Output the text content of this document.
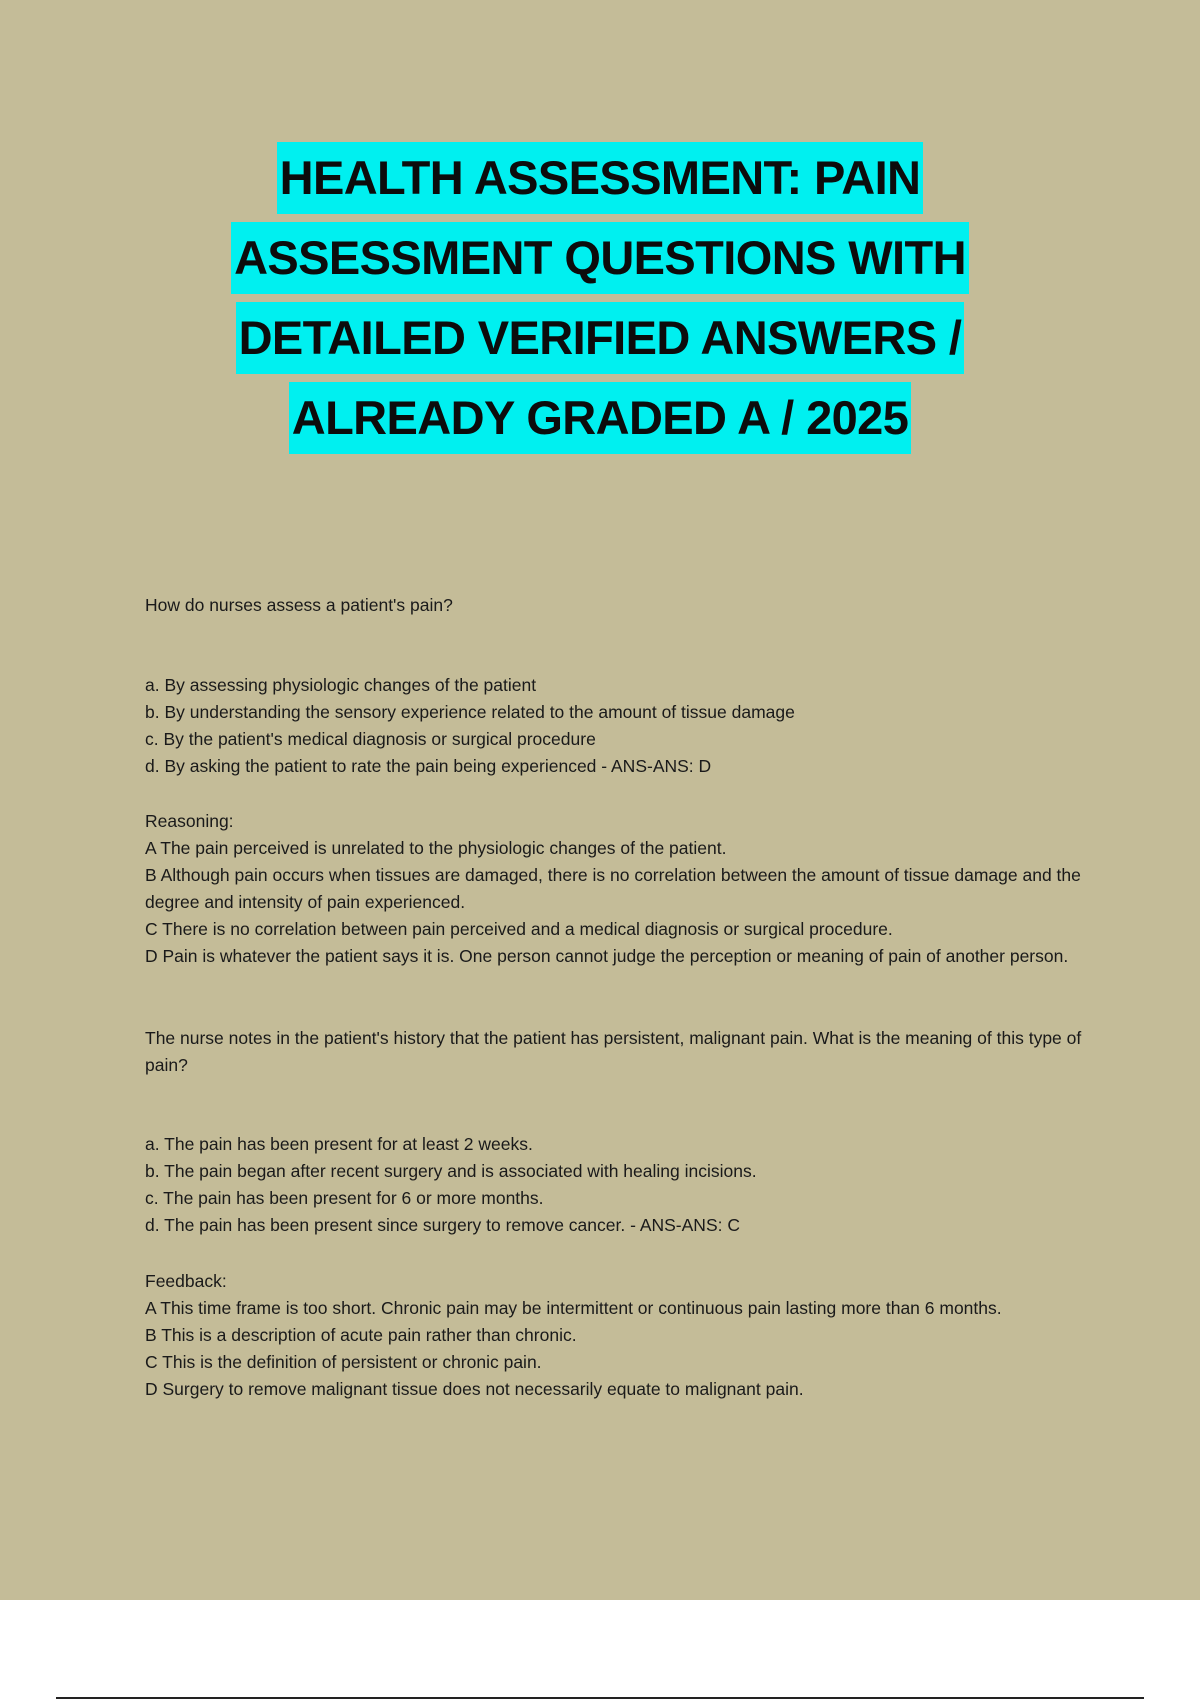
HEALTH ASSESSMENT: PAIN
ASSESSMENT QUESTIONS WITH
DETAILED VERIFIED ANSWERS /
ALREADY GRADED A / 2025

How do nurses assess a patient's pain?

a. By assessing physiologic changes of the patient

b. By understanding the sensory experience related to the amount of tissue damage

c. By the patient's medical diagnosis or surgical procedure

d. By asking the patient to rate the pain being experienced - ANS-ANS: D

Reasoning:

A The pain perceived is unrelated to the physiologic changes of the patient.

B Although pain occurs when tissues are damaged, there is no correlation between the amount of tissue damage and the degree and intensity of pain experienced.

C There is no correlation between pain perceived and a medical diagnosis or surgical procedure.

D Pain is whatever the patient says it is. One person cannot judge the perception or meaning of pain of another person.

The nurse notes in the patient's history that the patient has persistent, malignant pain. What is the meaning of this type of pain?

a. The pain has been present for at least 2 weeks.

b. The pain began after recent surgery and is associated with healing incisions.

c. The pain has been present for 6 or more months.

d. The pain has been present since surgery to remove cancer. - ANS-ANS: C

Feedback:

A This time frame is too short. Chronic pain may be intermittent or continuous pain lasting more than 6 months.

B This is a description of acute pain rather than chronic.

C This is the definition of persistent or chronic pain.

D Surgery to remove malignant tissue does not necessarily equate to malignant pain.
